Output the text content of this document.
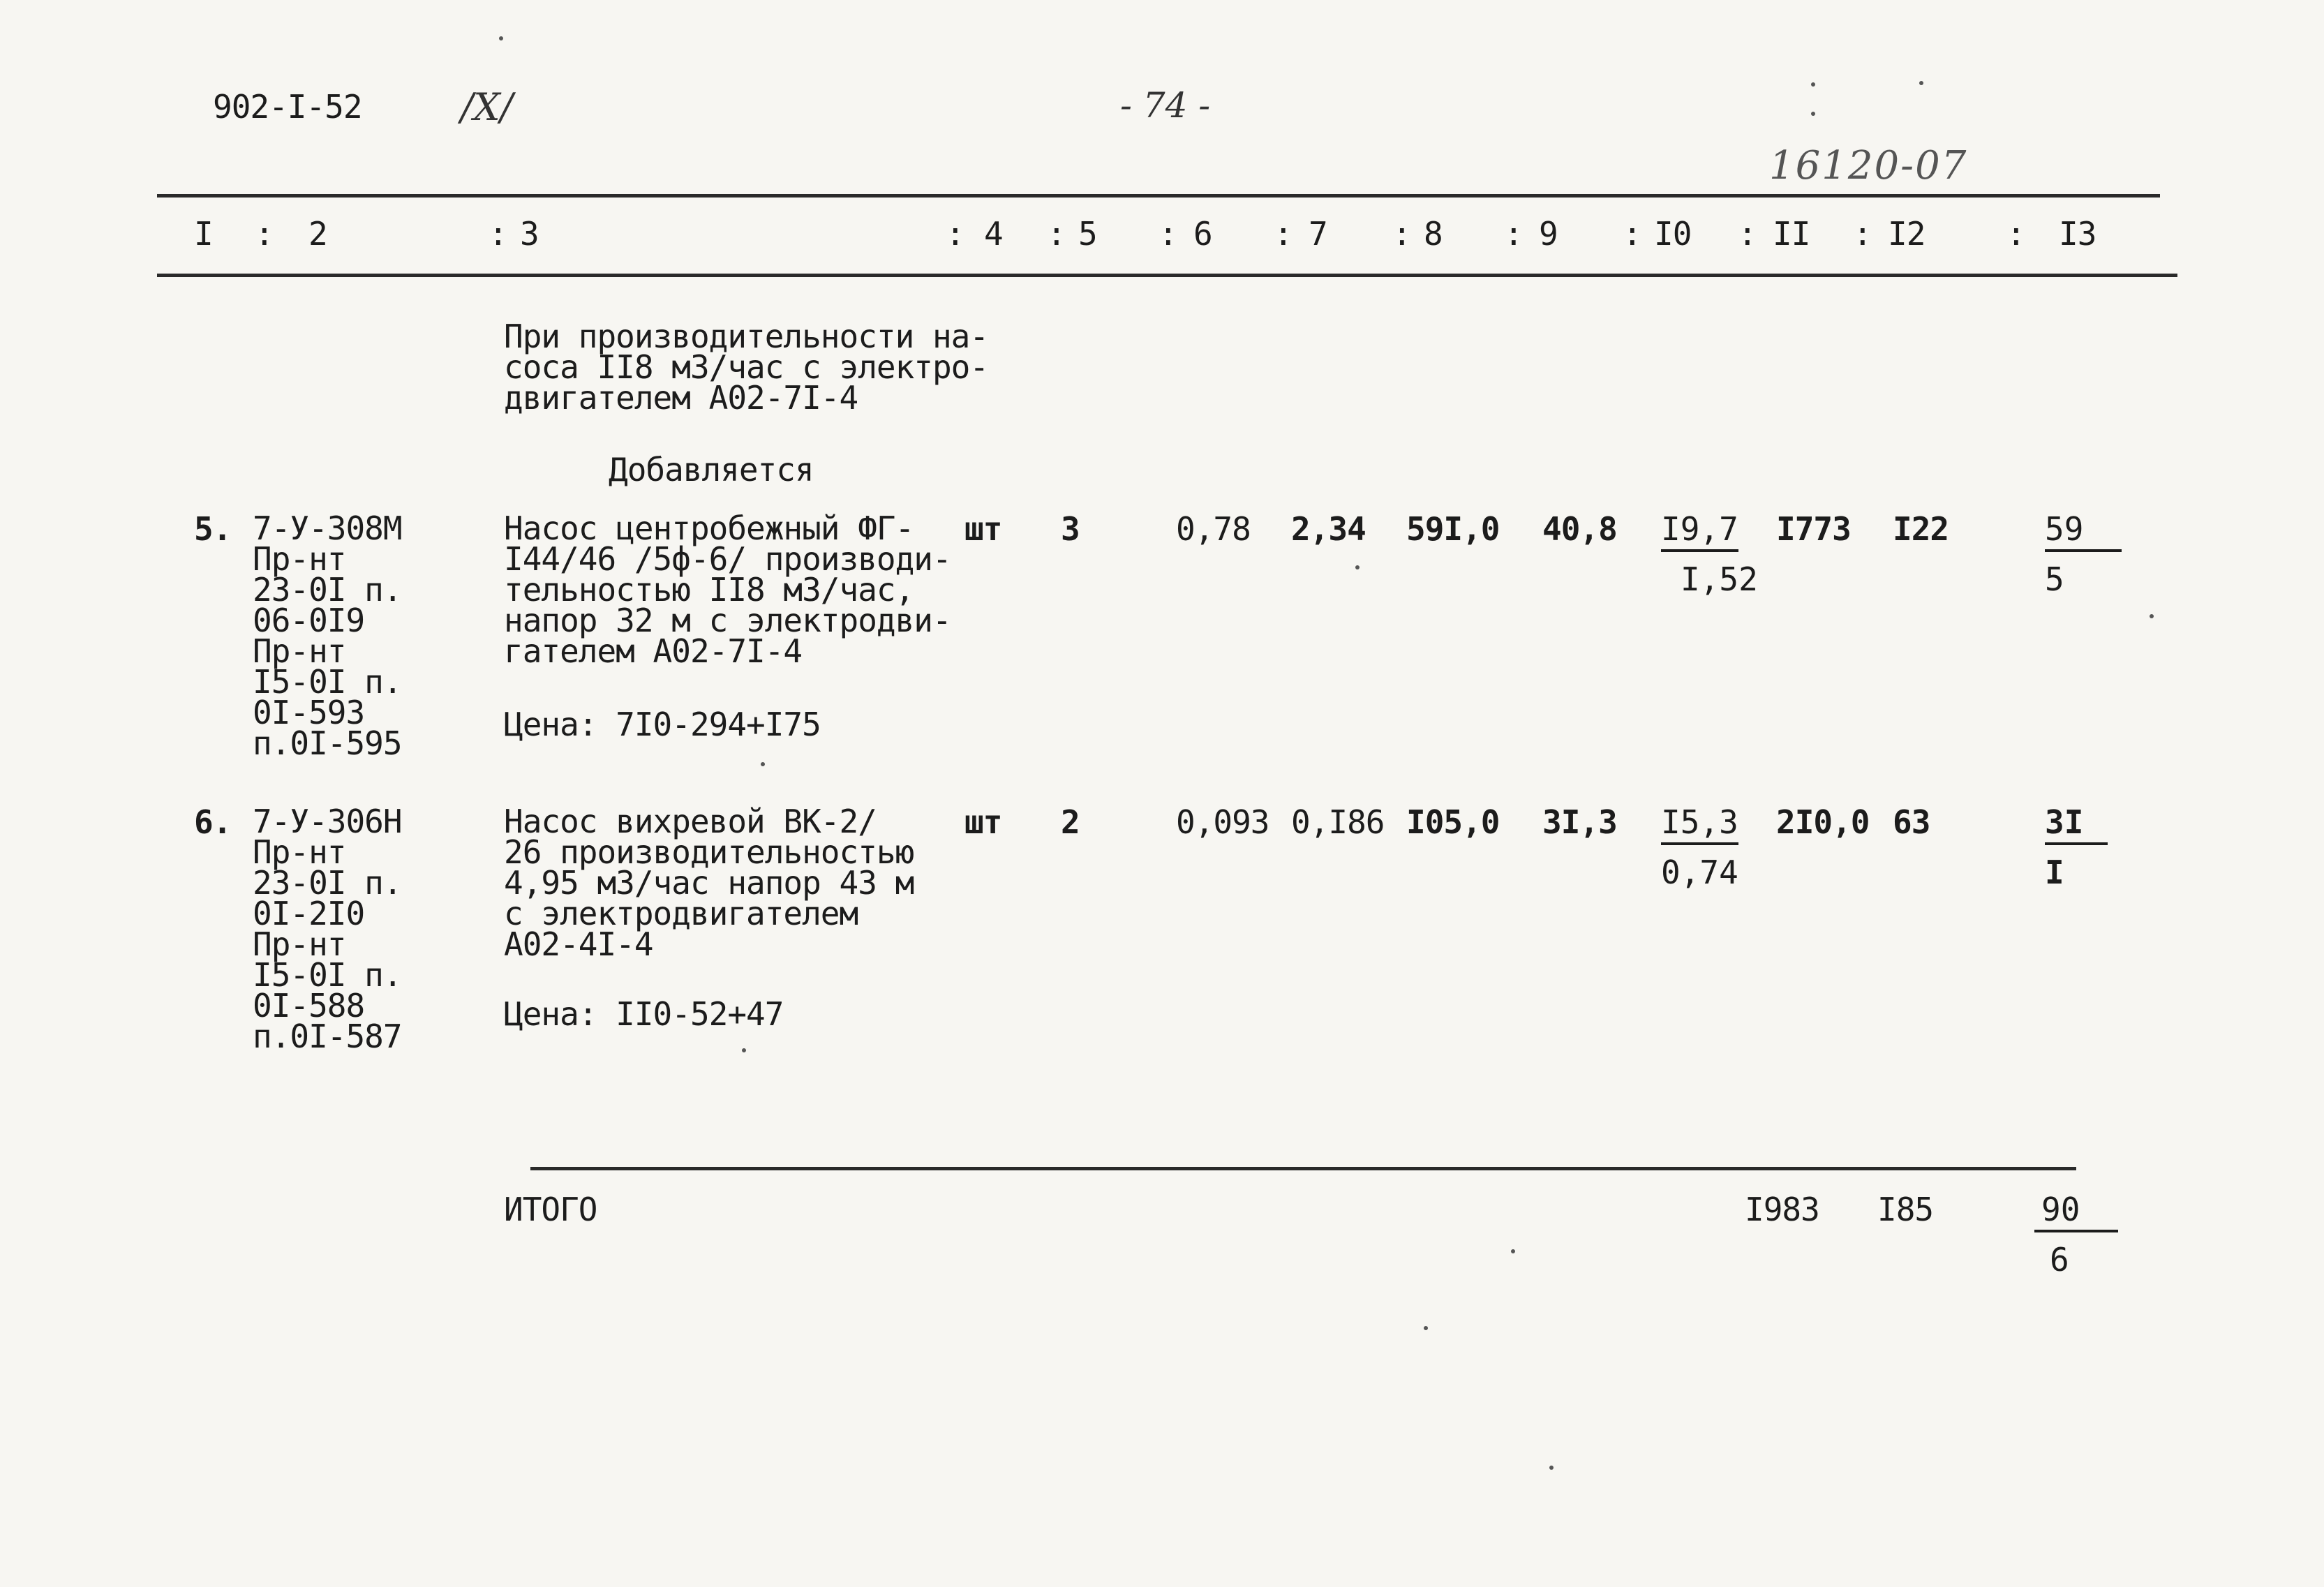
902-I-52	/X/	- 74 -
16120-07
I : 2	: 3	: 4 : 5 : 6 : 7 : 8 : 9 : I0 : II : I2	: I3
При производительности на-
соса II8 м3/час с электро-
двигателем А02-7I-4
Добавляется
5. 7-У-308М
Пр-нт
23-0I п.
06-0I9
Пр-нт
I5-0I п.
0I-593
п.0I-595
Насос центробежный ФГ-
I44/46 /5ф-6/ производи-
тельностью II8 м3/час,
напор 32 м с электродви-
гателем А02-7I-4
Цена: 7I0-294+I75
шт 3	0,78 2,34 59I,0 $40,8 \frac{I9,7}{I,52} I773$ I22	$\frac{59}{5}$
6. 7-У-306Н
Пр-нт
23-0I п.
0I-2I0
Пр-нт
I5-0I п.
0I-588
п.0I-587
Насос вихревой ВК-2/
26 производительностью
4,95 м3/час напор 43 м
с электродвигателем
А02-4I-4
Цена: II0-52+47
шт 2	0,093 0,I86 I05,0 $3I,3 \frac{I5,3}{0,74} 2I0,0$ 63	$\frac{3I}{I}$
ИТОГО	I983 I85	$\frac{90}{6}$
